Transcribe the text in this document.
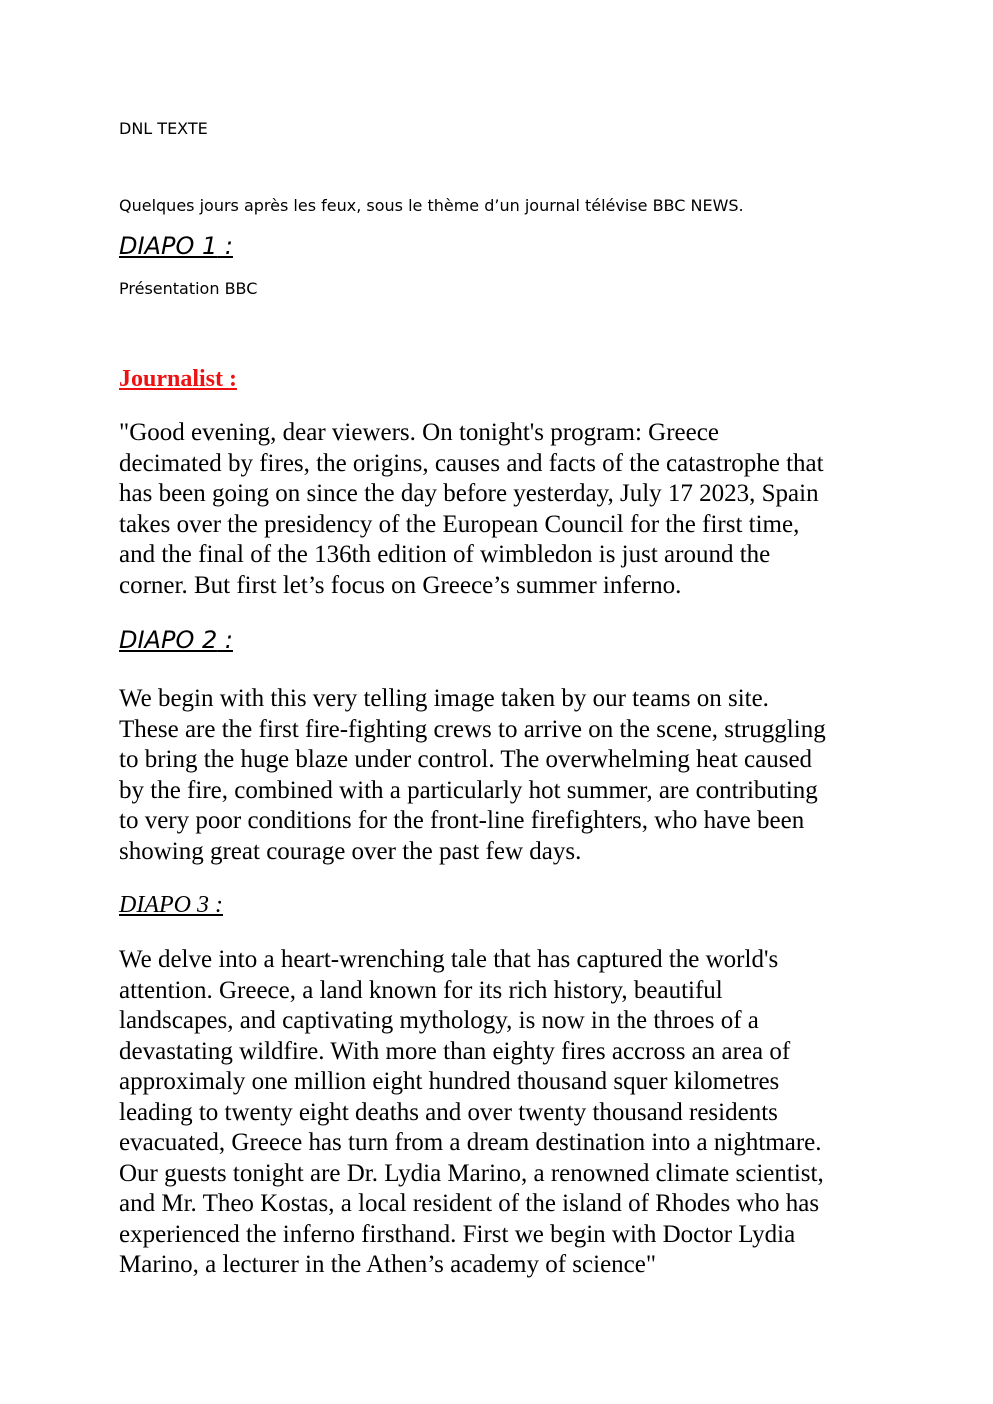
DNL TEXTE

Quelques jours après les feux, sous le thème d’un journal télévise BBC NEWS.

DIAPO 1 :

Présentation BBC

Journalist :

"Good evening, dear viewers. On tonight's program: Greece
decimated by fires, the origins, causes and facts of the catastrophe that
has been going on since the day before yesterday, July 17 2023, Spain
takes over the presidency of the European Council for the first time,
and the final of the 136th edition of wimbledon is just around the
corner. But first let’s focus on Greece’s summer inferno.

DIAPO 2 :

We begin with this very telling image taken by our teams on site.
These are the first fire-fighting crews to arrive on the scene, struggling
to bring the huge blaze under control. The overwhelming heat caused
by the fire, combined with a particularly hot summer, are contributing
to very poor conditions for the front-line firefighters, who have been
showing great courage over the past few days.

DIAPO 3 :

We delve into a heart-wrenching tale that has captured the world's
attention. Greece, a land known for its rich history, beautiful
landscapes, and captivating mythology, is now in the throes of a
devastating wildfire. With more than eighty fires accross an area of
approximaly one million eight hundred thousand squer kilometres
leading to twenty eight deaths and over twenty thousand residents
evacuated, Greece has turn from a dream destination into a nightmare.
Our guests tonight are Dr. Lydia Marino, a renowned climate scientist,
and Mr. Theo Kostas, a local resident of the island of Rhodes who has
experienced the inferno firsthand. First we begin with Doctor Lydia
Marino, a lecturer in the Athen’s academy of science"
